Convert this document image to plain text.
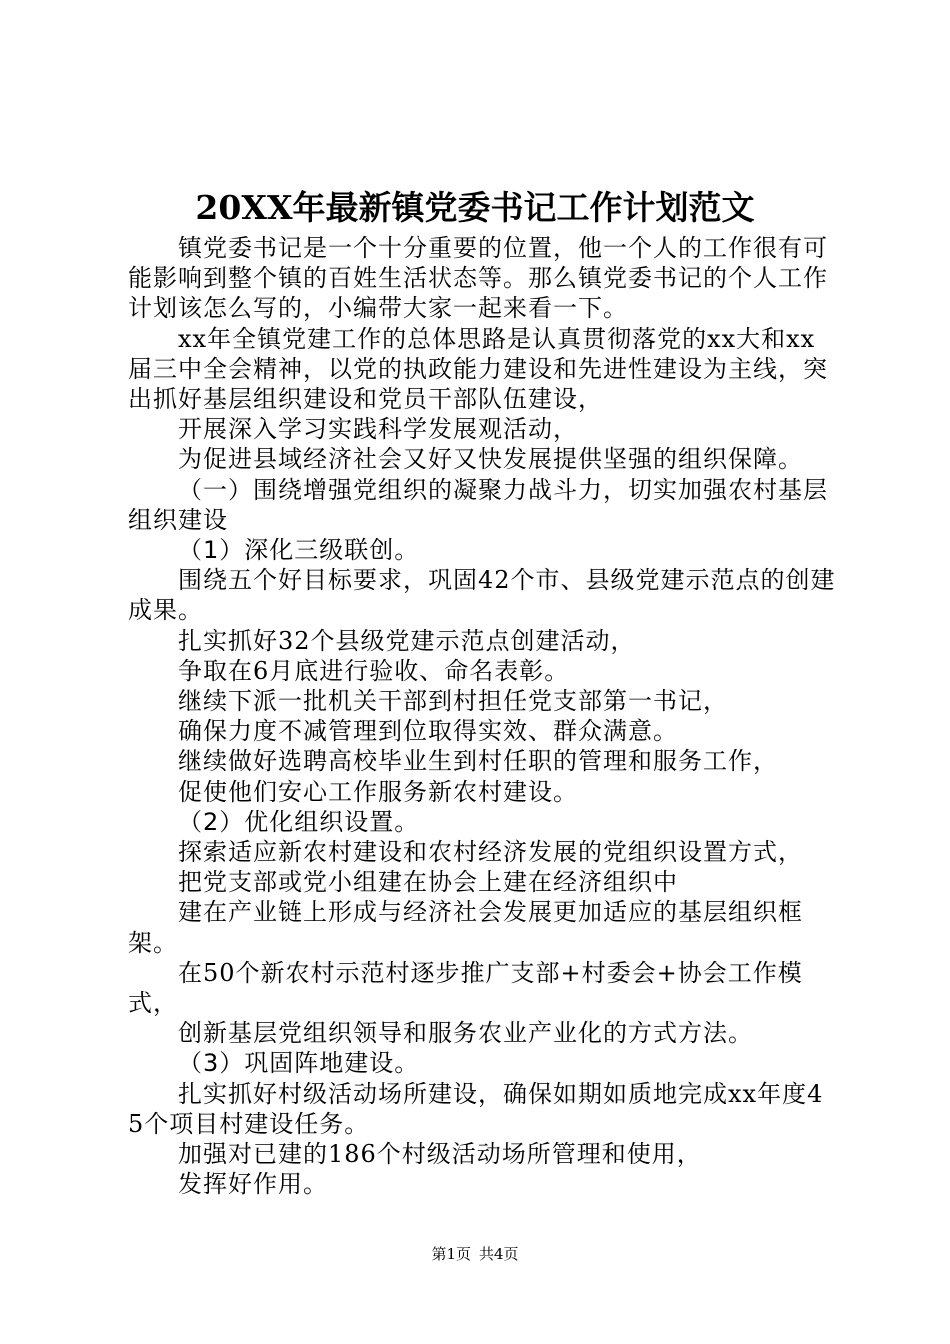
20XX年最新镇党委书记工作计划范文

镇党委书记是一个十分重要的位置，他一个人的工作很有可能影响到整个镇的百姓生活状态等。那么镇党委书记的个人工作计划该怎么写的，小编带大家一起来看一下。

xx年全镇党建工作的总体思路是认真贯彻落党的xx大和xx届三中全会精神，以党的执政能力建设和先进性建设为主线，突出抓好基层组织建设和党员干部队伍建设，

开展深入学习实践科学发展观活动，

为促进县域经济社会又好又快发展提供坚强的组织保障。

（一）围绕增强党组织的凝聚力战斗力，切实加强农村基层组织建设

（1）深化三级联创。

围绕五个好目标要求，巩固42个市、县级党建示范点的创建成果。

扎实抓好32个县级党建示范点创建活动，

争取在6月底进行验收、命名表彰。

继续下派一批机关干部到村担任党支部第一书记，

确保力度不减管理到位取得实效、群众满意。

继续做好选聘高校毕业生到村任职的管理和服务工作，

促使他们安心工作服务新农村建设。

（2）优化组织设置。

探索适应新农村建设和农村经济发展的党组织设置方式，

把党支部或党小组建在协会上建在经济组织中

建在产业链上形成与经济社会发展更加适应的基层组织框架。

在50个新农村示范村逐步推广支部+村委会+协会工作模式，

创新基层党组织领导和服务农业产业化的方式方法。

（3）巩固阵地建设。

扎实抓好村级活动场所建设，确保如期如质地完成xx年度45个项目村建设任务。

加强对已建的186个村级活动场所管理和使用，

发挥好作用。

第1页 共4页
